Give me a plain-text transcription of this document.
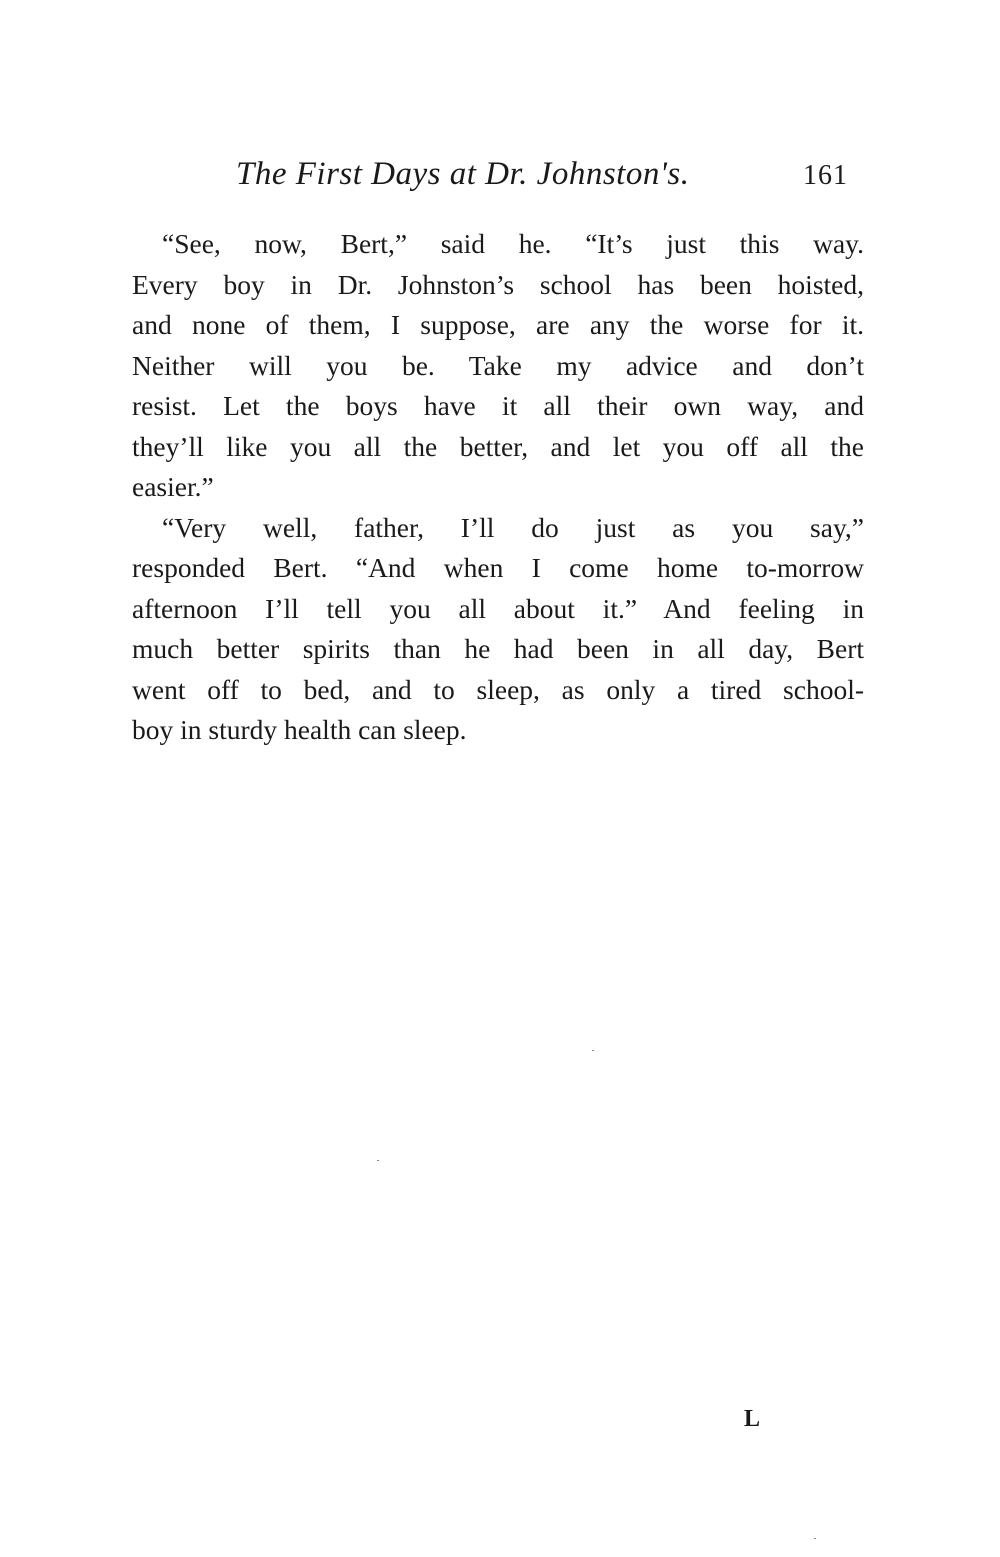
The First Days at Dr. Johnston's.	161
“See, now, Bert,” said he. “It’s just this way.
Every boy in Dr. Johnston’s school has been hoisted,
and none of them, I suppose, are any the worse for it.
Neither will you be. Take my advice and don’t
resist. Let the boys have it all their own way, and
they’ll like you all the better, and let you off all the
easier.”
“Very well, father, I’ll do just as you say,”
responded Bert. “And when I come home to-morrow
afternoon I’ll tell you all about it.” And feeling in
much better spirits than he had been in all day, Bert
went off to bed, and to sleep, as only a tired school-
boy in sturdy health can sleep.
L
